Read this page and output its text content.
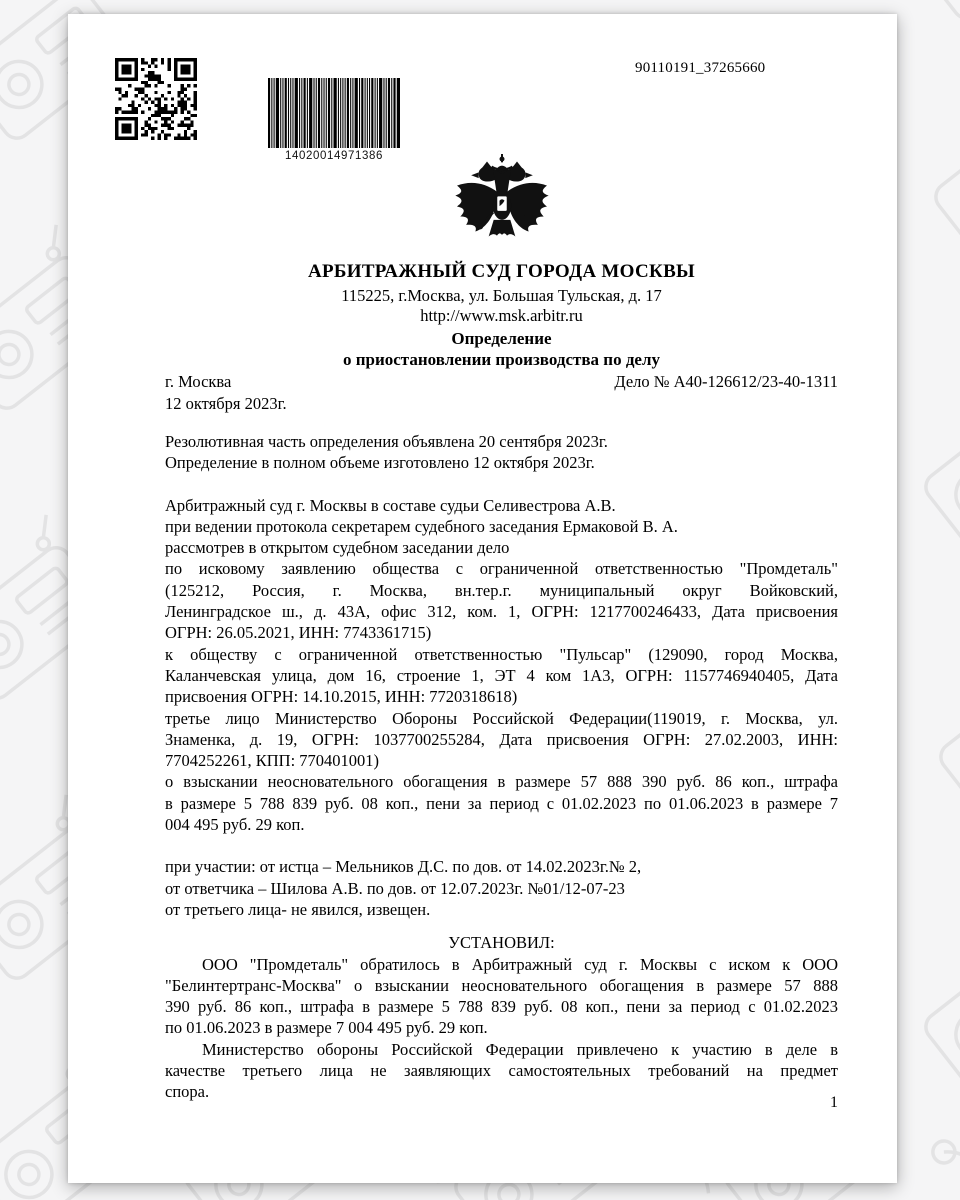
14020014971386
90110191_37265660
АРБИТРАЖНЫЙ СУД ГОРОДА МОСКВЫ
115225, г.Москва, ул. Большая Тульская, д. 17
http://www.msk.arbitr.ru
Определение
о приостановлении производства по делу
г. Москва	Дело № А40-126612/23-40-1311
12 октября 2023г.
Резолютивная часть определения объявлена 20 сентября 2023г.
Определение в полном объеме изготовлено 12 октября 2023г.
Арбитражный суд г. Москвы в составе судьи Селивестрова А.В.
при ведении протокола секретарем судебного заседания Ермаковой В. А.
рассмотрев в открытом судебном заседании дело
по исковому заявлению общества с ограниченной ответственностью "Промдеталь"
(125212, Россия, г. Москва, вн.тер.г. муниципальный округ Войковский,
Ленинградское ш., д. 43А, офис 312, ком. 1, ОГРН: 1217700246433, Дата присвоения
ОГРН: 26.05.2021, ИНН: 7743361715)
к обществу с ограниченной ответственностью "Пульсар" (129090, город Москва,
Каланчевская улица, дом 16, строение 1, ЭТ 4 ком 1А3, ОГРН: 1157746940405, Дата
присвоения ОГРН: 14.10.2015, ИНН: 7720318618)
третье лицо Министерство Обороны Российской Федерации(119019, г. Москва, ул.
Знаменка, д. 19, ОГРН: 1037700255284, Дата присвоения ОГРН: 27.02.2003, ИНН:
7704252261, КПП: 770401001)
о взыскании неосновательного обогащения в размере 57 888 390 руб. 86 коп., штрафа
в размере 5 788 839 руб. 08 коп., пени за период с 01.02.2023 по 01.06.2023 в размере 7
004 495 руб. 29 коп.
при участии: от истца – Мельников Д.С. по дов. от 14.02.2023г.№ 2,
от ответчика – Шилова А.В. по дов. от 12.07.2023г. №01/12-07-23
от третьего лица- не явился, извещен.
УСТАНОВИЛ:
ООО "Промдеталь" обратилось в Арбитражный суд г. Москвы с иском к ООО
"Белинтертранс-Москва" о взыскании неосновательного обогащения в размере 57 888
390 руб. 86 коп., штрафа в размере 5 788 839 руб. 08 коп., пени за период с 01.02.2023
по 01.06.2023 в размере 7 004 495 руб. 29 коп.
Министерство обороны Российской Федерации привлечено к участию в деле в
качестве третьего лица не заявляющих самостоятельных требований на предмет
спора.
1
